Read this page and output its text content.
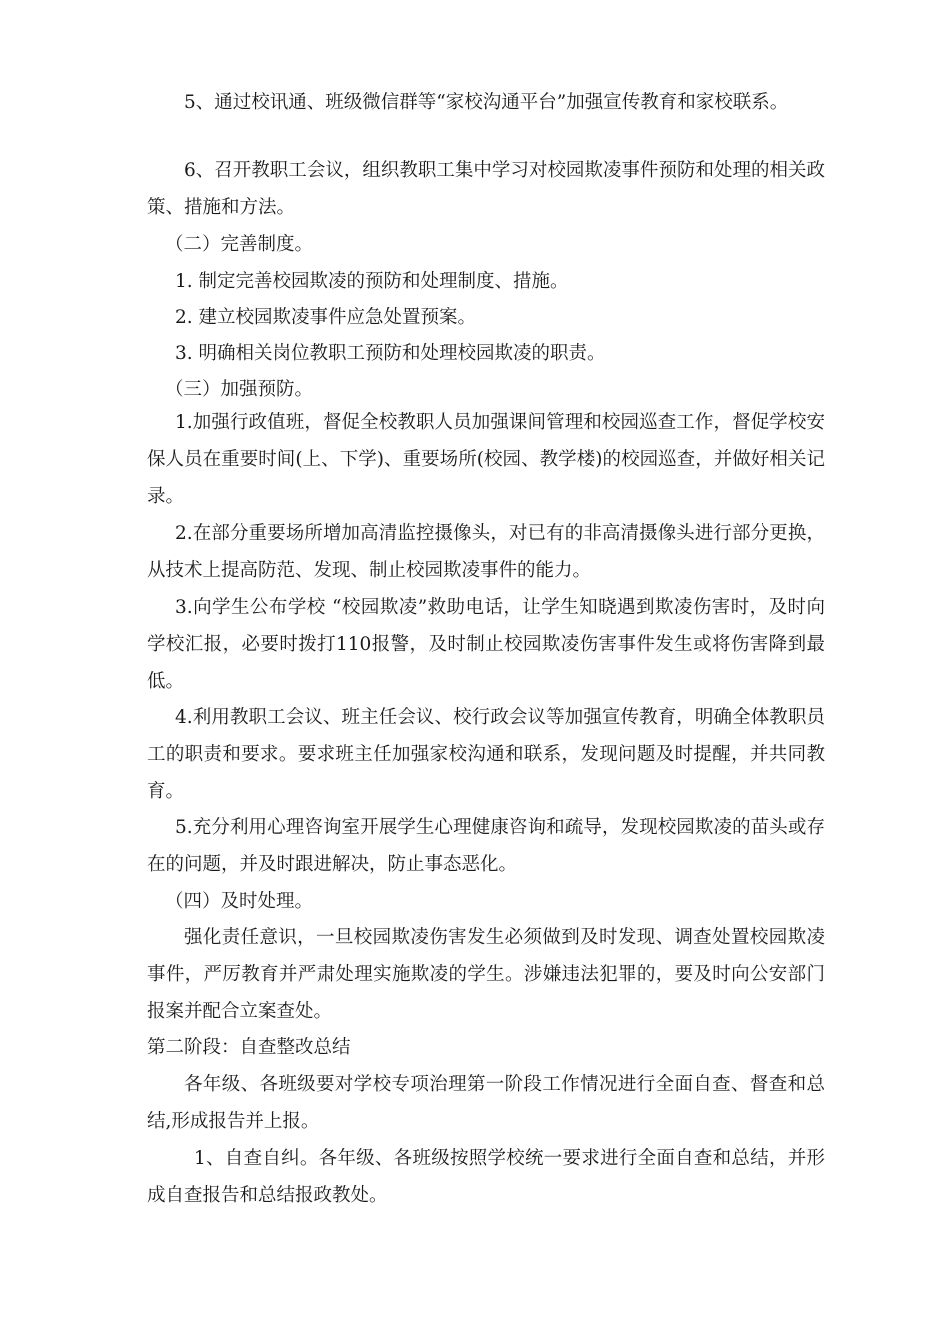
5、通过校讯通、班级微信群等“家校沟通平台”加强宣传教育和家校联系。

6、召开教职工会议，组织教职工集中学习对校园欺凌事件预防和处理的相关政策、措施和方法。

（二）完善制度。

1. 制定完善校园欺凌的预防和处理制度、措施。

2. 建立校园欺凌事件应急处置预案。

3. 明确相关岗位教职工预防和处理校园欺凌的职责。

（三）加强预防。

1.加强行政值班，督促全校教职人员加强课间管理和校园巡查工作，督促学校安保人员在重要时间(上、下学)、重要场所(校园、教学楼)的校园巡查，并做好相关记录。

2.在部分重要场所增加高清监控摄像头，对已有的非高清摄像头进行部分更换，从技术上提高防范、发现、制止校园欺凌事件的能力。

3.向学生公布学校 “校园欺凌”救助电话，让学生知晓遇到欺凌伤害时，及时向学校汇报，必要时拨打110报警，及时制止校园欺凌伤害事件发生或将伤害降到最低。

4.利用教职工会议、班主任会议、校行政会议等加强宣传教育，明确全体教职员工的职责和要求。要求班主任加强家校沟通和联系，发现问题及时提醒，并共同教育。

5.充分利用心理咨询室开展学生心理健康咨询和疏导，发现校园欺凌的苗头或存在的问题，并及时跟进解决，防止事态恶化。

（四）及时处理。

强化责任意识，一旦校园欺凌伤害发生必须做到及时发现、调查处置校园欺凌事件，严厉教育并严肃处理实施欺凌的学生。涉嫌违法犯罪的，要及时向公安部门报案并配合立案查处。

第二阶段：自查整改总结

各年级、各班级要对学校专项治理第一阶段工作情况进行全面自查、督查和总结,形成报告并上报。

1、自查自纠。各年级、各班级按照学校统一要求进行全面自查和总结，并形成自查报告和总结报政教处。
